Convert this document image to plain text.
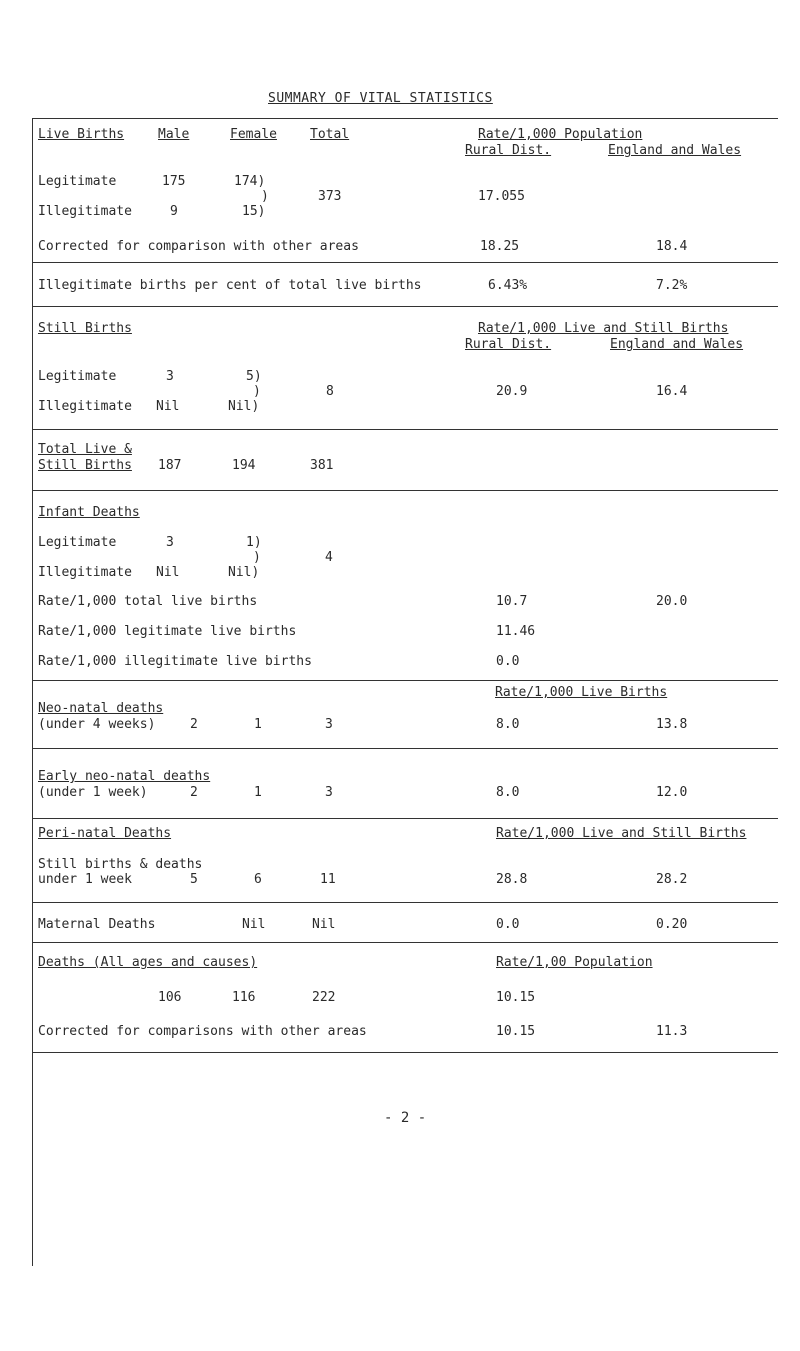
SUMMARY OF VITAL STATISTICS
Live Births	Male	Female	Total	Rate/1,000 Population
Rural Dist.	England and Wales
Legitimate	175	174)
)	373	17.055
Illegitimate	9	15)
Corrected for comparison with other areas	18.25	18.4
Illegitimate births per cent of total live births	6.43%	7.2%
Still Births	Rate/1,000 Live and Still Births
Rural Dist.	England and Wales
Legitimate	3	5)
)	8	20.9	16.4
Illegitimate Nil	Nil)
Total Live &
Still Births 187	194	381
Infant Deaths
Legitimate	3	1)
)	4
Illegitimate Nil	Nil)
Rate/1,000 total live births	10.7	20.0
Rate/1,000 legitimate live births	11.46
Rate/1,000 illegitimate live births	0.0
Rate/1,000 Live Births
Neo-natal deaths
(under 4 weeks)	2	1	3	8.0	13.8
Early neo-natal deaths
(under 1 week)	2	1	3	8.0	12.0
Peri-natal Deaths	Rate/1,000 Live and Still Births
Still births & deaths
under 1 week	5	6	11	28.8	28.2
Maternal Deaths	Nil	Nil	0.0	0.20
Deaths (All ages and causes)	Rate/1,00 Population
106	116	222	10.15
Corrected for comparisons with other areas	10.15	11.3
- 2 -
